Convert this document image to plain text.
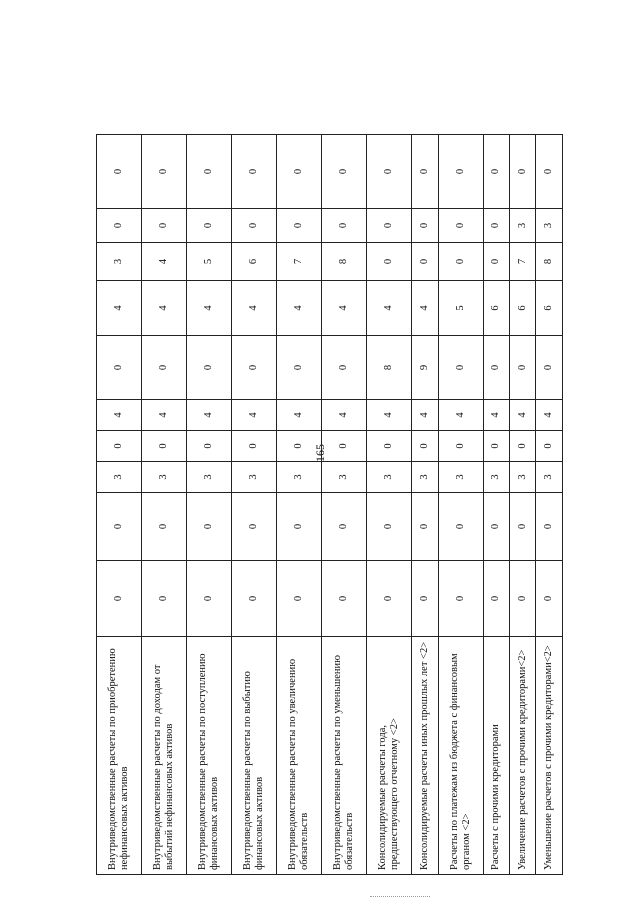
165
Внутриведомственные расчеты по приобретению нефинансовых активов	0	0	3	0	4	0	4	3	0	0
Внутриведомственные расчеты по доходам от выбытий нефинансовых активов	0	0	3	0	4	0	4	4	0	0
Внутриведомственные расчеты по поступлению финансовых активов	0	0	3	0	4	0	4	5	0	0
Внутриведомственные расчеты по выбытию финансовых активов	0	0	3	0	4	0	4	6	0	0
Внутриведомственные расчеты по увеличению обязательств	0	0	3	0	4	0	4	7	0	0
Внутриведомственные расчеты по уменьшению обязательств	0	0	3	0	4	0	4	8	0	0
Консолидируемые расчеты года, предшествующего отчетному <2>	0	0	3	0	4	8	4	0	0	0
Консолидируемые расчеты иных прошлых лет <2>	0	0	3	0	4	9	4	0	0	0
Расчеты по платежам из бюджета с финансовым органом <2>	0	0	3	0	4	0	5	0	0	0
Расчеты с прочими кредиторами	0	0	3	0	4	0	6	0	0	0
Увеличение расчетов с прочими кредиторами<2>	0	0	3	0	4	0	6	7	3	0
Уменьшение расчетов с прочими кредиторами<2>	0	0	3	0	4	0	6	8	3	0
